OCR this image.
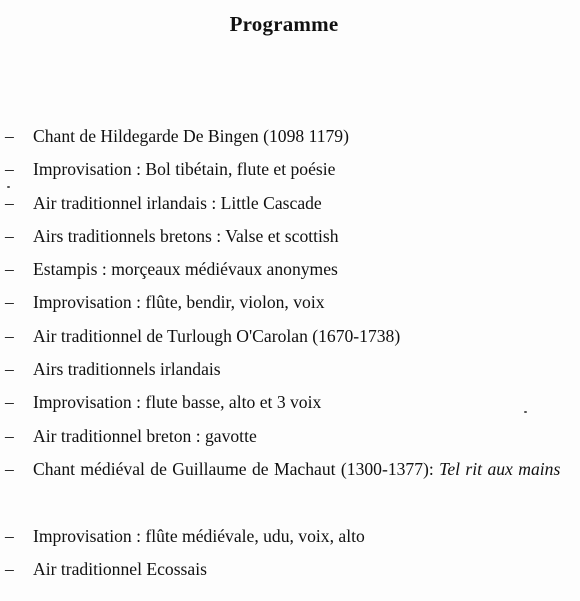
Programme
– Chant de Hildegarde De Bingen (1098 1179)
– Improvisation : Bol tibétain, flute et poésie
– Air traditionnel irlandais : Little Cascade
– Airs traditionnels bretons : Valse et scottish
– Estampis : morçeaux médiévaux anonymes
– Improvisation : flûte, bendir, violon, voix
– Air traditionnel de Turlough O'Carolan (1670-1738)
– Airs traditionnels irlandais
– Improvisation : flute basse, alto et 3 voix
– Air traditionnel breton : gavotte
– Chant médiéval de Guillaume de Machaut (1300-1377): Tel rit aux mains
– Improvisation : flûte médiévale, udu, voix, alto
– Air traditionnel Ecossais
